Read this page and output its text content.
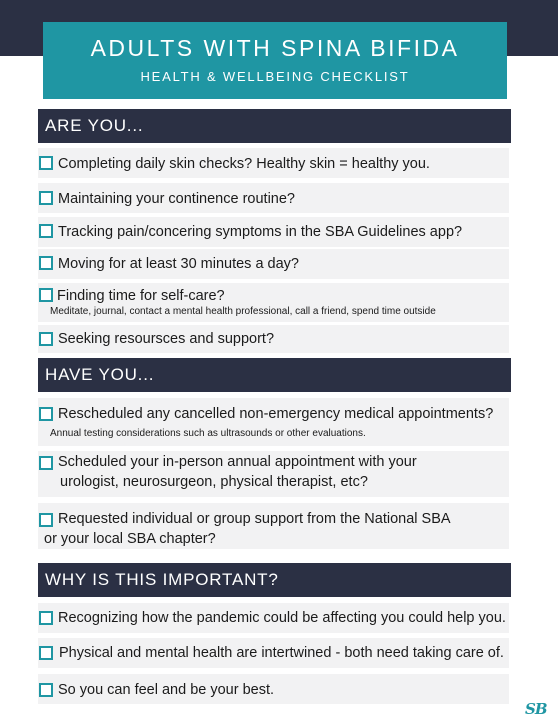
ADULTS WITH SPINA BIFIDA
HEALTH & WELLBEING CHECKLIST
ARE YOU...
Completing daily skin checks? Healthy skin = healthy you.
Maintaining your continence routine?
Tracking pain/concering symptoms in the SBA Guidelines app?
Moving for at least 30 minutes a day?
Finding time for self-care?
Meditate, journal, contact a mental health professional, call a friend, spend time outside
Seeking resoursces and support?
HAVE YOU...
Rescheduled any cancelled non-emergency medical appointments?
Annual testing considerations such as ultrasounds or other evaluations.
Scheduled your in-person annual appointment with your
urologist, neurosurgeon, physical therapist, etc?
Requested individual or group support from the National SBA
or your local SBA chapter?
WHY IS THIS IMPORTANT?
Recognizing how the pandemic could be affecting you could help you.
Physical and mental health are intertwined - both need taking care of.
So you can feel and be your best.
SB
